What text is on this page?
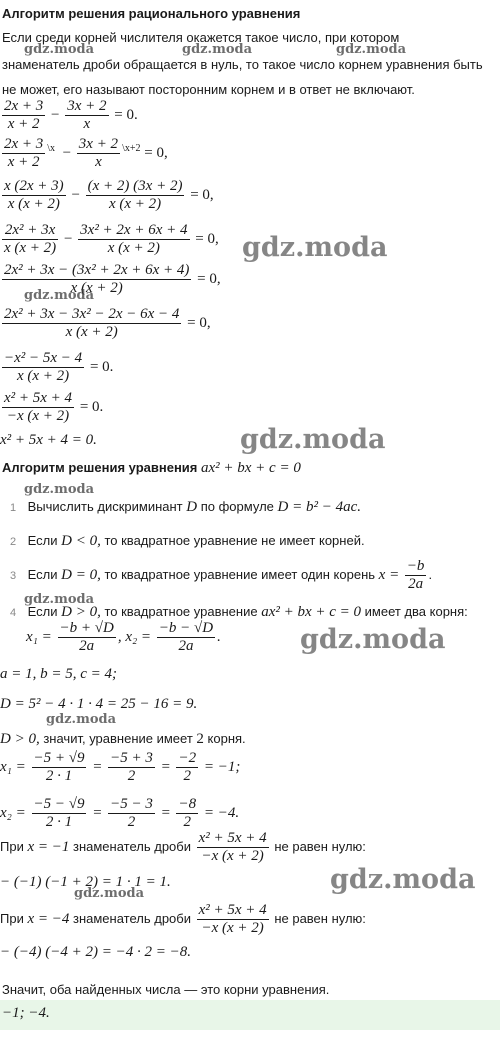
Алгоритм решения рационального уравнения
Если среди корней числителя окажется такое число, при котором
знаменатель дроби обращается в нуль, то такое число корнем уравнения быть
не может, его называют посторонним корнем и в ответ не включают.
$\frac{2x + 3}{x + 2} - \frac{3x + 2}{x} = 0$.
$\frac{2x + 3}{x + 2} ^{\backslash x} - \frac{3x + 2}{x} ^{\backslash x+2} = 0$,
$\frac{x (2x + 3)}{x (x + 2)} - \frac{(x + 2) (3x + 2)}{x (x + 2)} = 0$,
$\frac{\text{2x² + 3x}}{x (x + 2)} - \frac{\text{3x² + 2x + 6x + 4}}{x (x + 2)} = 0$,
$\frac{\text{2x² + 3x − (3x² + 2x + 6x + 4)}}{x (x + 2)} = 0$,
$\frac{\text{2x² + 3x − 3x² − 2x − 6x − 4}}{x (x + 2)} = 0$,
$\frac{\text{−x² − 5x − 4}}{x (x + 2)} = 0$.
$\frac{\text{x² + 5x + 4}}{-x (x + 2)} = 0$.
x² + 5x + 4 = 0.
Алгоритм решения уравнения ax² + bx + c = 0
1 Вычислить дискриминант D по формуле D = b² − 4ac.
2 Если D < 0, то квадратное уравнение не имеет корней.
3 Если D = 0, то квадратное уравнение имеет один корень $x = \frac{-b}{2a}$ .
4 Если D > 0, то квадратное уравнение ax² + bx + c = 0 имеет два корня:
$x_1 = \frac{-b + √D}{2a}$ , $x_2 = \frac{-b - √D}{2a}$ .
a = 1, b = 5, c = 4;
D = 5² − 4 · 1 · 4 = 25 − 16 = 9.
D > 0, значит, уравнение имеет 2 корня.
$x_1 = \frac{-5 + √9}{2 \cdot 1} = \frac{-5 + 3}{2} = \frac{-2}{2} = -1$;
$x_2 = \frac{-5 - √9}{2 \cdot 1} = \frac{-5 - 3}{2} = \frac{-8}{2} = -4$.
При x = −1 знаменатель дроби $\frac{\text{x² + 5x + 4}}{-x (x + 2)}$ не равен нулю:
− (−1) (−1 + 2) = 1 · 1 = 1.
При x = −4 знаменатель дроби $\frac{\text{x² + 5x + 4}}{-x (x + 2)}$ не равен нулю:
− (−4) (−4 + 2) = −4 · 2 = −8.
Значит, оба найденных числа — это корни уравнения.
−1; −4.
gdz.moda	gdz.moda	gdz.moda
gdz.moda
gdz.moda
gdz.moda
gdz.moda
gdz.moda
gdz.moda
gdz.moda
gdz.moda
gdz.moda
